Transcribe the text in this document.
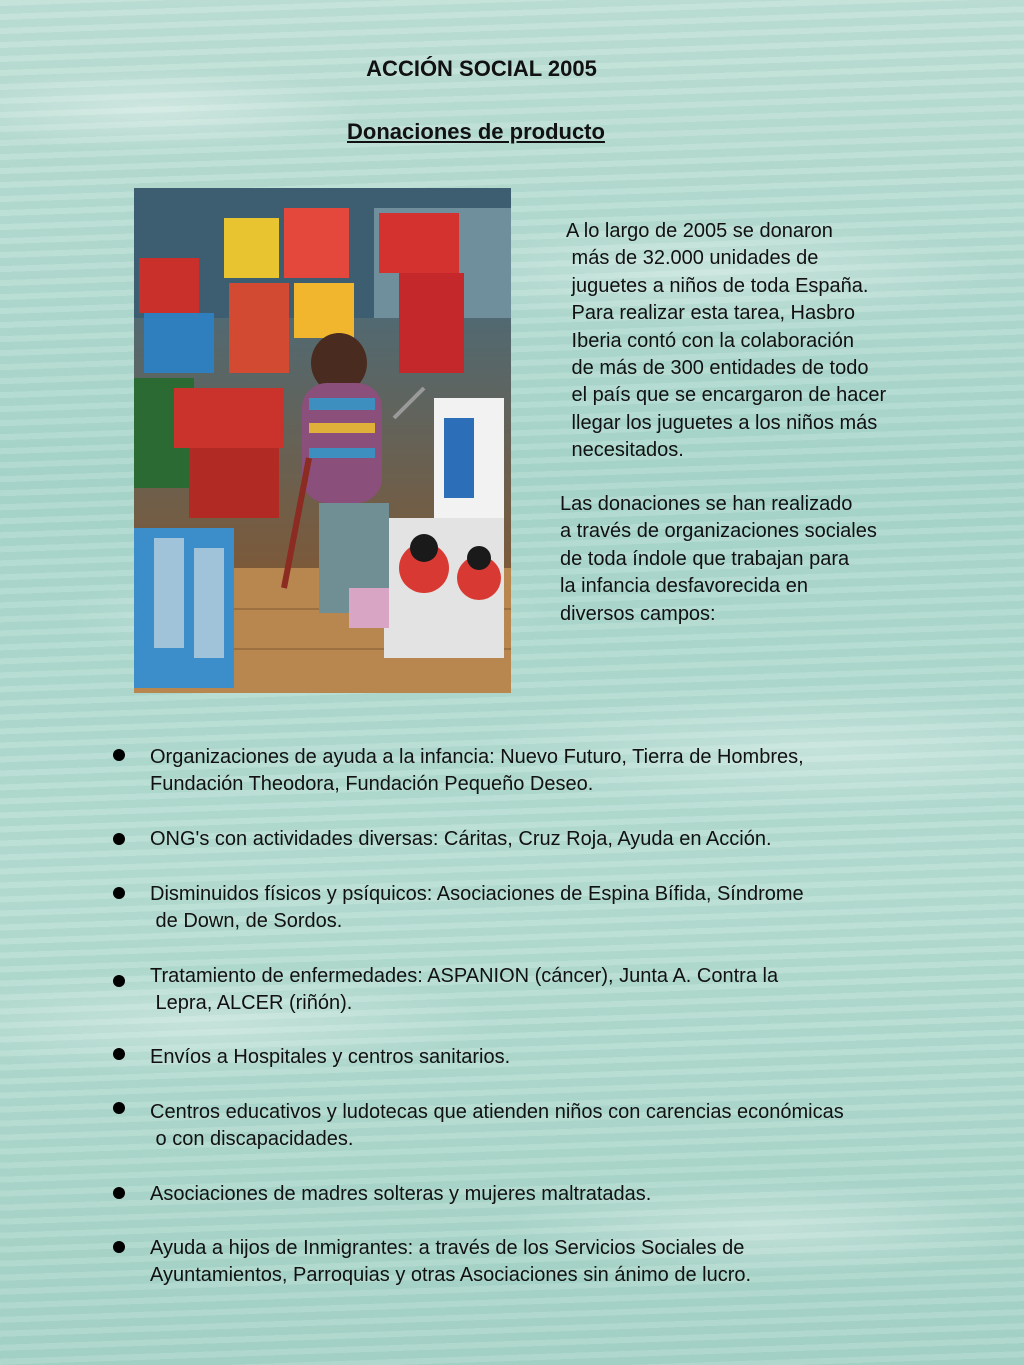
ACCIÓN SOCIAL 2005
Donaciones de producto
A lo largo de 2005 se donaron
más de 32.000 unidades de
juguetes a niños de toda España.
Para realizar esta tarea, Hasbro
Iberia contó con la colaboración
de más de 300 entidades de todo
el país que se encargaron de hacer
llegar los juguetes a los niños más
necesitados.
Las donaciones se han realizado
a través de organizaciones sociales
de toda índole que trabajan para
la infancia desfavorecida en
diversos campos:
Organizaciones de ayuda a la infancia: Nuevo Futuro, Tierra de Hombres,
Fundación Theodora, Fundación Pequeño Deseo.
ONG's con actividades diversas: Cáritas, Cruz Roja, Ayuda en Acción.
Disminuidos físicos y psíquicos: Asociaciones de Espina Bífida, Síndrome
de Down, de Sordos.
Tratamiento de enfermedades: ASPANION (cáncer), Junta A. Contra la
Lepra, ALCER (riñón).
Envíos a Hospitales y centros sanitarios.
Centros educativos y ludotecas que atienden niños con carencias económicas
o con discapacidades.
Asociaciones de madres solteras y mujeres maltratadas.
Ayuda a hijos de Inmigrantes: a través de los Servicios Sociales de
Ayuntamientos, Parroquias y otras Asociaciones sin ánimo de lucro.
